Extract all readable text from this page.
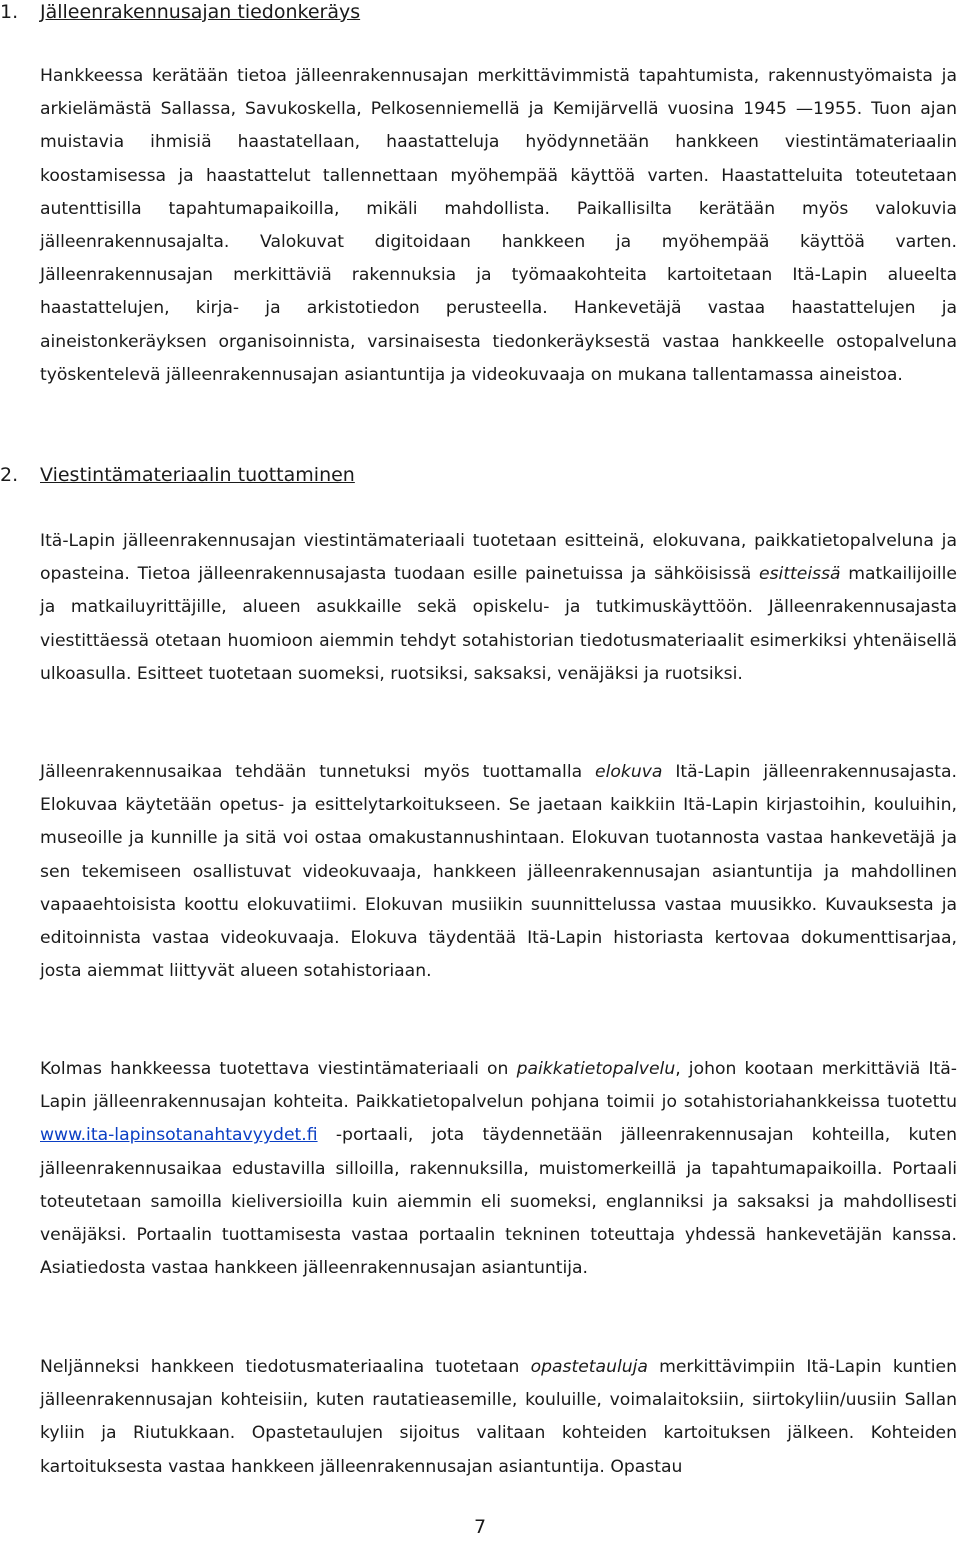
1. Jälleenrakennusajan tiedonkeräys

Hankkeessa kerätään tietoa jälleenrakennusajan merkittävimmistä tapahtumista, rakennustyömaista ja arkielämästä Sallassa, Savukoskella, Pelkosenniemellä ja Kemijärvellä vuosina 1945 —1955. Tuon ajan muistavia ihmisiä haastatellaan, haastatteluja hyödynnetään hankkeen viestintämateriaalin koostamisessa ja haastattelut tallennettaan myöhempää käyttöä varten. Haastatteluita toteutetaan autenttisilla tapahtumapaikoilla, mikäli mahdollista. Paikallisilta kerätään myös valokuvia jälleenrakennusajalta. Valokuvat digitoidaan hankkeen ja myöhempää käyttöä varten. Jälleenrakennusajan merkittäviä rakennuksia ja työmaakohteita kartoitetaan Itä-Lapin alueelta haastattelujen, kirja- ja arkistotiedon perusteella. Hankevetäjä vastaa haastattelujen ja aineistonkeräyksen organisoinnista, varsinaisesta tiedonkeräyksestä vastaa hankkeelle ostopalveluna työskentelevä jälleenrakennusajan asiantuntija ja videokuvaaja on mukana tallentamassa aineistoa.

2. Viestintämateriaalin tuottaminen

Itä-Lapin jälleenrakennusajan viestintämateriaali tuotetaan esitteinä, elokuvana, paikkatietopalveluna ja opasteina. Tietoa jälleenrakennusajasta tuodaan esille painetuissa ja sähköisissä esitteissä matkailijoille ja matkailuyrittäjille, alueen asukkaille sekä opiskelu- ja tutkimuskäyttöön. Jälleenrakennusajasta viestittäessä otetaan huomioon aiemmin tehdyt sotahistorian tiedotusmateriaalit esimerkiksi yhtenäisellä ulkoasulla. Esitteet tuotetaan suomeksi, ruotsiksi, saksaksi, venäjäksi ja ruotsiksi.

Jälleenrakennusaikaa tehdään tunnetuksi myös tuottamalla elokuva Itä-Lapin jälleenrakennusajasta. Elokuvaa käytetään opetus- ja esittelytarkoitukseen. Se jaetaan kaikkiin Itä-Lapin kirjastoihin, kouluihin, museoille ja kunnille ja sitä voi ostaa omakustannushintaan. Elokuvan tuotannosta vastaa hankevetäjä ja sen tekemiseen osallistuvat videokuvaaja, hankkeen jälleenrakennusajan asiantuntija ja mahdollinen vapaaehtoisista koottu elokuvatiimi. Elokuvan musiikin suunnittelussa vastaa muusikko. Kuvauksesta ja editoinnista vastaa videokuvaaja. Elokuva täydentää Itä-Lapin historiasta kertovaa dokumenttisarjaa, josta aiemmat liittyvät alueen sotahistoriaan.

Kolmas hankkeessa tuotettava viestintämateriaali on paikkatietopalvelu, johon kootaan merkittäviä Itä-Lapin jälleenrakennusajan kohteita. Paikkatietopalvelun pohjana toimii jo sotahistoriahankkeissa tuotettu www.ita-lapinsotanahtavyydet.fi -portaali, jota täydennetään jälleenrakennusajan kohteilla, kuten jälleenrakennusaikaa edustavilla silloilla, rakennuksilla, muistomerkeillä ja tapahtumapaikoilla. Portaali toteutetaan samoilla kieliversioilla kuin aiemmin eli suomeksi, englanniksi ja saksaksi ja mahdollisesti venäjäksi. Portaalin tuottamisesta vastaa portaalin tekninen toteuttaja yhdessä hankevetäjän kanssa. Asiatiedosta vastaa hankkeen jälleenrakennusajan asiantuntija.

Neljänneksi hankkeen tiedotusmateriaalina tuotetaan opastetauluja merkittävimpiin Itä-Lapin kuntien jälleenrakennusajan kohteisiin, kuten rautatieasemille, kouluille, voimalaitoksiin, siirtokyliin/uusiin Sallan kyliin ja Riutukkaan. Opastetaulujen sijoitus valitaan kohteiden kartoituksen jälkeen. Kohteiden kartoituksesta vastaa hankkeen jälleenrakennusajan asiantuntija. Opastau

7
